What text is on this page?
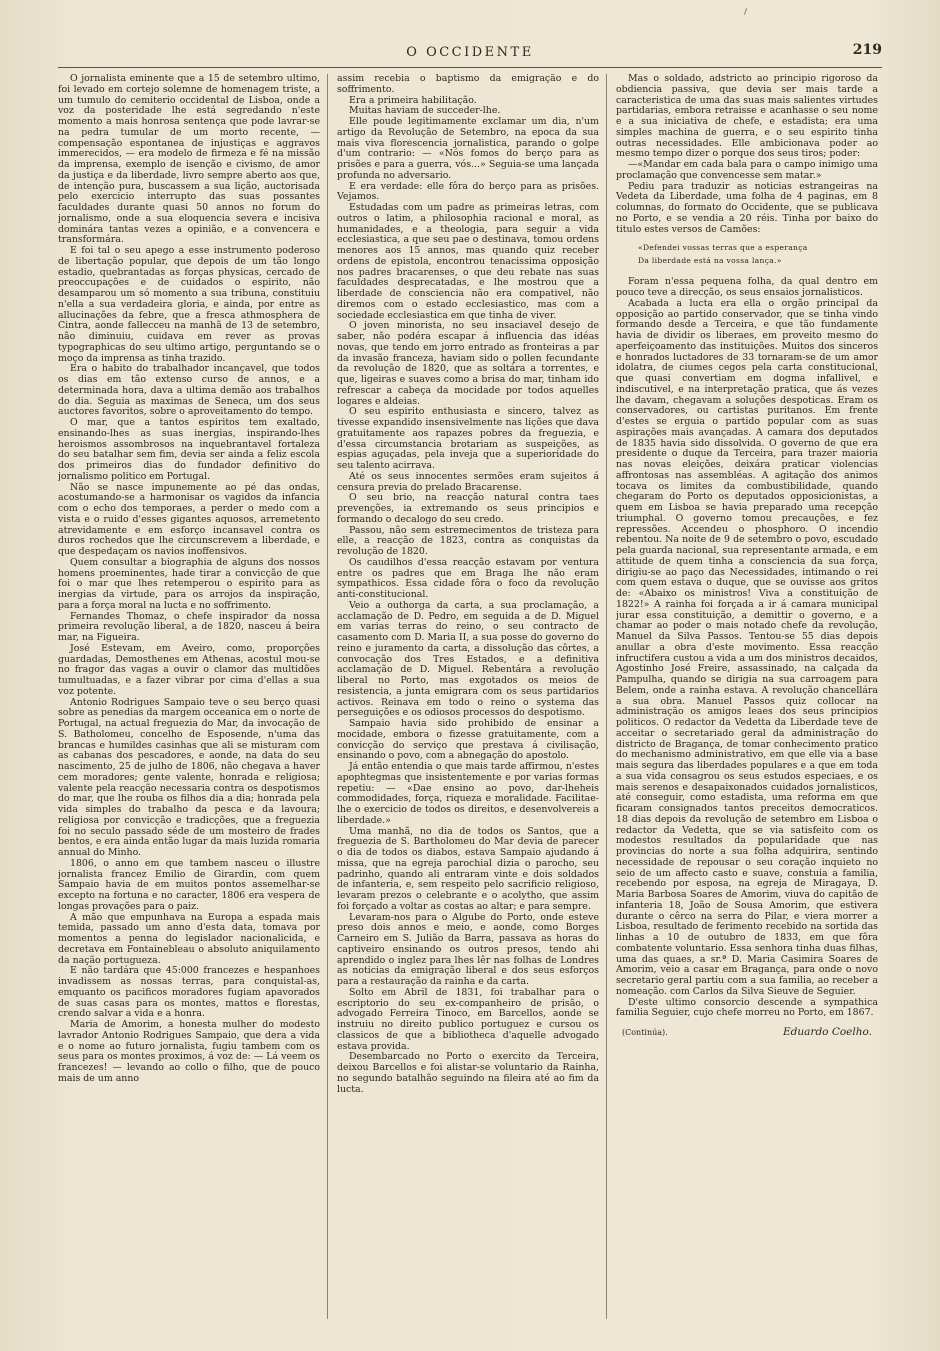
O OCCIDENTE	219

O jornalista eminente que a 15 de setembro ultimo, foi levado em cortejo solemne de homenagem triste, a um tumulo do cemiterio occidental de Lisboa, onde a voz da posteridade lhe está segredando n'este momento a mais honrosa sentença que pode lavrar-se na pedra tumular de um morto recente, — compensação espontanea de injustiças e aggravos immerecidos, — era modelo de firmeza e fé na missão da imprensa, exemplo de isenção e civismo, de amor da justiça e da liberdade, livro sempre aberto aos que, de intenção pura, buscassem a sua lição, auctorisada pelo exercicio interrupto das suas possantes faculdades durante quasi 50 annos no forum do jornalismo, onde a sua eloquencia severa e incisiva dominára tantas vezes a opinião, e a convencera e transformára.

E foi tal o seu apego a esse instrumento poderoso de libertação popular, que depois de um tão longo estadio, quebrantadas as forças physicas, cercado de preoccupações e de cuidados o espirito, não desamparou um só momento a sua tribuna, constituiu n'ella a sua verdadeira gloria, e ainda, por entre as allucinações da febre, que a fresca athmosphera de Cintra, aonde fallecceu na manhã de 13 de setembro, não diminuiu, cuidava em rever as provas typographicas do seu ultimo artigo, perguntando se o moço da imprensa as tinha trazido.

Era o habito do trabalhador incançavel, que todos os dias em tão extenso curso de annos, e a determinada hora, dava a ultima demão aos trabalhos do dia. Seguia as maximas de Seneca, um dos seus auctores favoritos, sobre o aproveitamento do tempo.

O mar, que a tantos espiritos tem exaltado, ensinando-lhes as suas inergias, inspirando-lhes heroismos assombrosos na inquebrantavel fortaleza do seu batalhar sem fim, devia ser ainda a feliz escola dos primeiros dias do fundador definitivo do jornalismo politico em Portugal.

Não se nasce impunemente ao pé das ondas, acostumando-se a harmonisar os vagidos da infancia com o echo dos temporaes, a perder o medo com a vista e o ruido d'esses gigantes aquosos, arremetento atrevidamente e em esforço incansavel contra os duros rochedos que lhe circunscrevem a liberdade, e que despedaçam os navios inoffensivos.

Quem consultar a biographia de alguns dos nossos homens proeminentes, hade tirar a convicção de que foi o mar que lhes retemperou o espirito para as inergias da virtude, para os arrojos da inspiração, para a força moral na lucta e no soffrimento.

Fernandes Thomaz, o chefe inspirador da nossa primeira revolução liberal, a de 1820, nasceu á beira mar, na Figueira.

José Estevam, em Aveiro, como, proporções guardadas, Demosthenes em Athenas, acostul mou-se no fragor das vagas a ouvir o clamor das multidões tumultuadas, e a fazer vibrar por cima d'ellas a sua voz potente.

Antonio Rodrigues Sampaio teve o seu berço quasi sobre as penedias da margem occeanica em o norte de Portugal, na actual freguezia do Mar, da invocação de S. Batholomeu, concelho de Esposende, n'uma das brancas e humildes casinhas que ali se misturam com as cabanas dos pescadores, e aonde, na data do seu nascimento, 25 de julho de 1806, não chegava a haver cem moradores; gente valente, honrada e religiosa; valente pela reacção necessaria contra os despotismos do mar, que lhe rouba os filhos dia a dia; honrada pela vida simples do trabalho da pesca e da lavoura; religiosa por convicção e tradicções, que a freguezia foi no seculo passado séde de um mosteiro de frades bentos, e era ainda então lugar da mais luzida romaria annual do Minho.

1806, o anno em que tambem nasceu o illustre jornalista francez Emilio de Girardin, com quem Sampaio havia de em muitos pontos assemelhar-se excepto na fortuna e no caracter, 1806 era vespera de longas provações para o paiz.

A mão que empunhava na Europa a espada mais temida, passado um anno d'esta data, tomava por momentos a penna do legislador nacionalicida, e decretava em Fontainebleau o absoluto aniquilamento da nação portugueza.

E não tardára que 45:000 francezes e hespanhoes invadissem as nossas terras, para conquistal-as, emquanto os pacificos moradores fugiam apavorados de suas casas para os montes, mattos e florestas, crendo salvar a vida e a honra.

Maria de Amorim, a honesta mulher do modesto lavrador Antonio Rodrigues Sampaio, que dera a vida e o nome ao futuro jornalista, fugiu tambem com os seus para os montes proximos, á voz de: — Lá veem os francezes! — levando ao collo o filho, que de pouco mais de um anno

assim recebia o baptismo da emigração e do soffrimento.

Era a primeira habilitação.

Muitas haviam de succeder-lhe.

Elle poude legitimamente exclamar um dia, n'um artigo da Revolução de Setembro, na epoca da sua mais viva florescencia jornalistica, parando o golpe d'um contrario: — «Nós fomos do berço para as prisões e para a guerra, vós...» Seguia-se uma lançada profunda no adversario.

E era verdade: elle fôra do berço para as prisões. Vejamos.

Estudadas com um padre as primeiras letras, com outros o latim, a philosophia racional e moral, as humanidades, e a theologia, para seguir a vida ecclesiastica, a que seu pae o destinava, tomou ordens menores aos 15 annos, mas quando quiz receber ordens de epistola, encontrou tenacissima opposição nos padres bracarenses, o que deu rebate nas suas faculdades desprecatadas, e lhe mostrou que a liberdade de consciencia não era compativel, não diremos com o estado ecclesiastico, mas com a sociedade ecclesiastica em que tinha de viver.

O joven minorista, no seu insaciavel desejo de saber, não podéra escapar á influencia das idéas novas, que tendo em jorro entrado as fronteiras a par da invasão franceza, haviam sido o pollen fecundante da revolução de 1820, que as soltára a torrentes, e que, ligeiras e suaves como a brisa do mar, tinham ido refrescar a cabeça da mocidade por todos aquelles logares e aldeias.

O seu espirito enthusiasta e sincero, talvez as tivesse expandido insensivelmente nas lições que dava gratuitamente aos rapazes pobres da freguezia, e d'essa circumstancia brotariam as suspeições, as espias aguçadas, pela inveja que a superioridade do seu talento acirrava.

Até os seus innocentes sermões eram sujeitos á censura previa do prelado Bracarense.

O seu brio, na reacção natural contra taes prevenções, ia extremando os seus principios e formando o decalogo do seu credo.

Passou, não sem estremecimentos de tristeza para elle, a reacção de 1823, contra as conquistas da revolução de 1820.

Os caudilhos d'essa reacção estavam por ventura entre os padres que em Braga lhe não eram sympathicos. Essa cidade fôra o foco da revolução anti-constitucional.

Veio a outhorga da carta, a sua proclamação, a acclamação de D. Pedro, em seguida a de D. Miguel em varias terras do reino, o seu contracto de casamento com D. Maria II, a sua posse do governo do reino e juramento da carta, a dissolução das côrtes, a convocação dos Tres Estados, e a definitiva acclamação de D. Miguel. Rebentára a revolução liberal no Porto, mas exgotados os meios de resistencia, a junta emigrara com os seus partidarios activos. Reinava em todo o reino o systema das perseguições e os odiosos processos do despotismo.

Sampaio havia sido prohibido de ensinar a mocidade, embora o fizesse gratuitamente, com a convicção do serviço que prestava á civilisação, ensinando o povo, com a abnegação do apostolo.

Já então entendia o que mais tarde affirmou, n'estes apophtegmas que insistentemente e por varias formas repetiu: — «Dae ensino ao povo, dar-lheheis commodidades, força, riqueza e moralidade. Facilitae-lhe o exercicio de todos os direitos, e desenvolvereis a liberdade.»

Uma manhã, no dia de todos os Santos, que a freguezia de S. Bartholomeu do Mar devia de parecer o dia de todos os diabos, estava Sampaio ajudando á missa, que na egreja parochial dizia o parocho, seu padrinho, quando ali entraram vinte e dois soldados de infanteria, e, sem respeito pelo sacrificio religioso, levaram prezos o celebrante e o acolytho, que assim foi forçado a voltar as costas ao altar; e para sempre.

Levaram-nos para o Algube do Porto, onde esteve preso dois annos e meio, e aonde, como Borges Carneiro em S. Julião da Barra, passava as horas do captiveiro ensinando os outros presos, tendo ahi aprendido o inglez para lhes lêr nas folhas de Londres as noticias da emigração liberal e dos seus esforços para a restauração da rainha e da carta.

Solto em Abril de 1831, foi trabalhar para o escriptorio do seu ex-companheiro de prisão, o advogado Ferreira Tinoco, em Barcellos, aonde se instruiu no direito publico portuguez e cursou os classicos de que a bibliotheca d'aquelle advogado estava provida.

Desembarcado no Porto o exercito da Terceira, deixou Barcellos e foi alistar-se voluntario da Rainha, no segundo batalhão seguindo na fileira até ao fim da lucta.

Mas o soldado, adstricto ao principio rigoroso da obdiencia passiva, que devia ser mais tarde a caracteristica de uma das suas mais salientes virtudes partidarias, embora retraisse e acanhasse o seu nome e a sua iniciativa de chefe, e estadista; era uma simples machina de guerra, e o seu espirito tinha outras necessidades. Elle ambicionava poder ao mesmo tempo dizer o porque dos seus tiros; poder:

—«Mandar em cada bala para o campo inimigo uma proclamação que convencesse sem matar.»

Pediu para traduzir as noticias estrangeiras na Vedeta da Liberdade, uma folha de 4 paginas, em 8 columnas, do formato do Occidente, que se publicava no Porto, e se vendia a 20 réis. Tinha por baixo do titulo estes versos de Camões:

«Defendei vossas terras que a esperança
Da liberdade está na vossa lança.»

Foram n'essa pequena folha, da qual dentro em pouco teve a direcção, os seus ensaios jornalisticos.

Acabada a lucta era ella o orgão principal da opposição ao partido conservador, que se tinha vindo formando desde a Terceira, e que tão fundamente havia de dividir os liberaes, em proveito mesmo do aperfeiçoamento das instituições. Muitos dos sinceros e honrados luctadores de 33 tornaram-se de um amor idolatra, de ciumes cegos pela carta constitucional, que quasi convertiam em dogma infallivel, e indiscutivel, e na interpretação pratica, que ás vezes lhe davam, chegavam a soluções despoticas. Eram os conservadores, ou cartistas puritanos. Em frente d'estes se erguia o partido popular com as suas aspirações mais avançadas. A camara dos deputados de 1835 havia sido dissolvida. O governo de que era presidente o duque da Terceira, para trazer maioria nas novas eleições, deixára praticar violencias affrontosas nas assembléas. A agitação dos animos tocava os limites da combustibilidade, quando chegaram do Porto os deputados opposicionistas, a quem em Lisboa se havia preparado uma recepção triumphal. O governo tomou precauções, e fez repressões. Accendeu o phosphoro. O incendio rebentou. Na noite de 9 de setembro o povo, escudado pela guarda nacional, sua representante armada, e em attitude de quem tinha a consciencia da sua força, dirigiu-se ao paço das Necessidades, intimando o rei com quem estava o duque, que se ouvisse aos gritos de: «Abaixo os ministros! Viva a constituição de 1822!» A rainha foi forçada a ir á camara municipal jurar essa constituição, a demittir o governo, e a chamar ao poder o mais notado chefe da revolução, Manuel da Silva Passos. Tentou-se 55 dias depois anullar a obra d'este movimento. Essa reacção infructifera custou a vida a um dos ministros decaidos, Agostinho José Freire, assassinado, na calçada da Pampulha, quando se dirigia na sua carroagem para Belem, onde a rainha estava. A revolução chancellára a sua obra. Manuel Passos quiz collocar na administração os amigos leaes dos seus principios politicos. O redactor da Vedetta da Liberdade teve de acceitar o secretariado geral da administração do districto de Bragança, de tomar conhecimento pratico do mechanismo administrativo, em que elle via a base mais segura das liberdades populares e a que em toda a sua vida consagrou os seus estudos especiaes, e os mais serenos e desapaixonados cuidados jornalisticos, até conseguir, como estadista, uma reforma em que ficaram consignados tantos preceitos democraticos. 18 dias depois da revolução de setembro em Lisboa o redactor da Vedetta, que se via satisfeito com os modestos resultados da popularidade que nas provincias do norte a sua folha adquirira, sentindo necessidade de repousar o seu coração inquieto no seio de um affecto casto e suave, constuia a familia, recebendo por esposa, na egreja de Miragaya, D. Maria Barbosa Soares de Amorim, viuva do capitão de infanteria 18, João de Sousa Amorim, que estivera durante o cêrco na serra do Pilar, e viera morrer a Lisboa, resultado de ferimento recebido na sortida das linhas a 10 de outubro de 1833, em que fôra combatente voluntario. Essa senhora tinha duas filhas, uma das quaes, a sr.ª D. Maria Casimira Soares de Amorim, veio a casar em Bragança, para onde o novo secretario geral partiu com a sua familia, ao receber a nomeação. com Carlos da Silva Sieuve de Seguier.

D'este ultimo consorcio descende a sympathica familia Seguier, cujo chefe morreu no Porto, em 1867.

(Continúa).	Eduardo Coelho.
